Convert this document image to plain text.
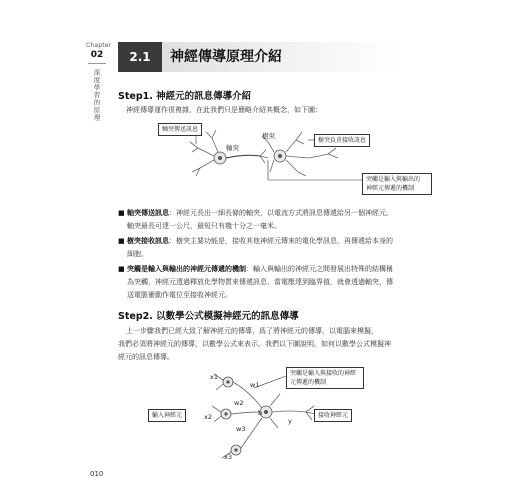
Chapter
02
深度學習的原理
2.1	神經傳導原理介紹
Step1. 神經元的訊息傳導介紹
神經傳導運作很複雜，在此我們只是簡略介紹其概念，如下圖：
軸突傳送訊息
軸突
樹突
樹突負責接收訊息
突觸是輸入與輸出的
神經元傳遞的機制
■ 軸突傳送訊息：神經元長出一細長條的軸突，以電流方式將訊息傳遞給另一個神經元。
軸突最長可達一公尺，最短只有幾十分之一毫米。
■ 樹突接收訊息：樹突主要功能是，接收其他神經元傳來的電化學訊息，再傳遞給本身的
細胞。
■ 突觸是輸入與輸出的神經元傳遞的機制：輸入與輸出的神經元之間發展出特殊的結構稱
為突觸，神經元透過釋放化學物質來傳遞訊息，當電壓達到臨界值，就會透過軸突，傳
送電脈衝動作電位至接收神經元。
Step2. 以數學公式模擬神經元的訊息傳導

上一步驟我們已經大致了解神經元的傳導，爲了將神經元的傳導，以電腦來模擬，

我們必須將神經元的傳導，以數學公式來表示。我們以下圖說明，如何以數學公式模擬神

經元的訊息傳導。

x1
w1
w2
x2	b
y
w3
x3
突觸是輸入與接收的神經
元傳遞的機制
輸入神經元	接收神經元
010
